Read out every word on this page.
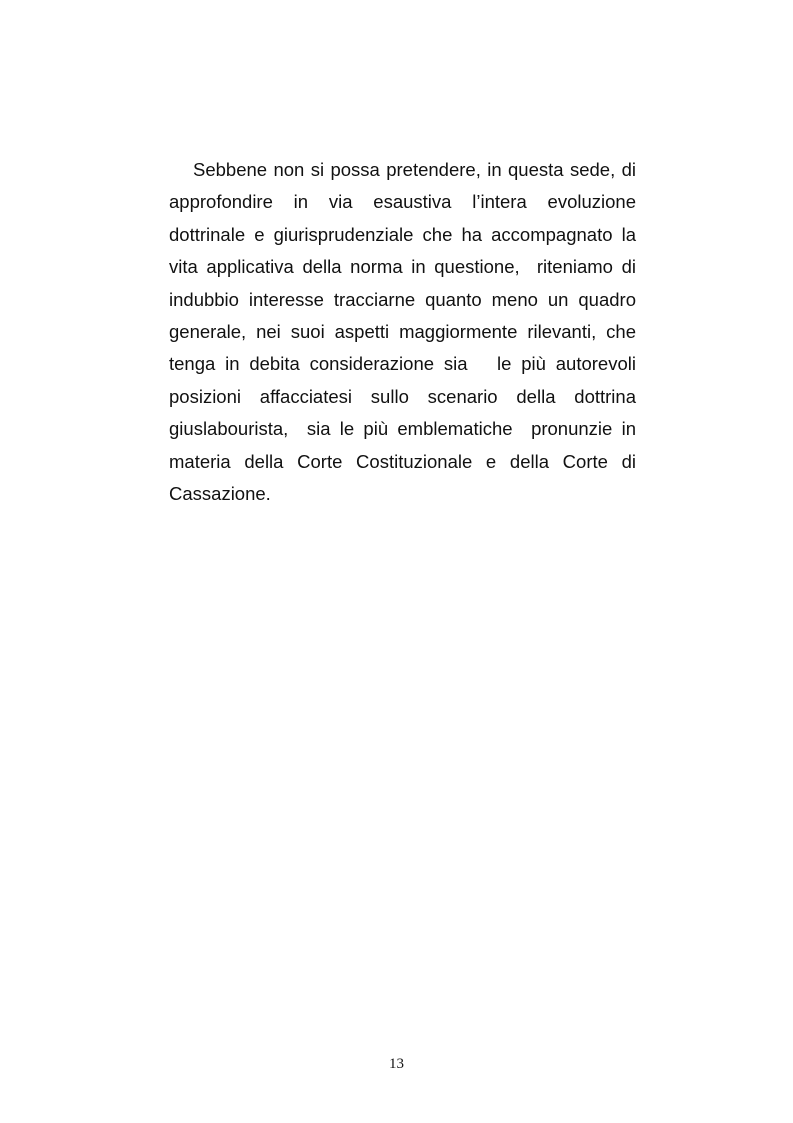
Sebbene non si possa pretendere, in questa sede, di
approfondire in via esaustiva l’intera evoluzione
dottrinale e giurisprudenziale che ha accompagnato la
vita applicativa della norma in questione,  riteniamo di
indubbio interesse tracciarne quanto meno un quadro
generale, nei suoi aspetti maggiormente rilevanti, che
tenga in debita considerazione sia   le più autorevoli
posizioni affacciatesi sullo scenario della dottrina
giuslabourista,  sia le più emblematiche  pronunzie in
materia della Corte Costituzionale e della Corte di
Cassazione.
13
